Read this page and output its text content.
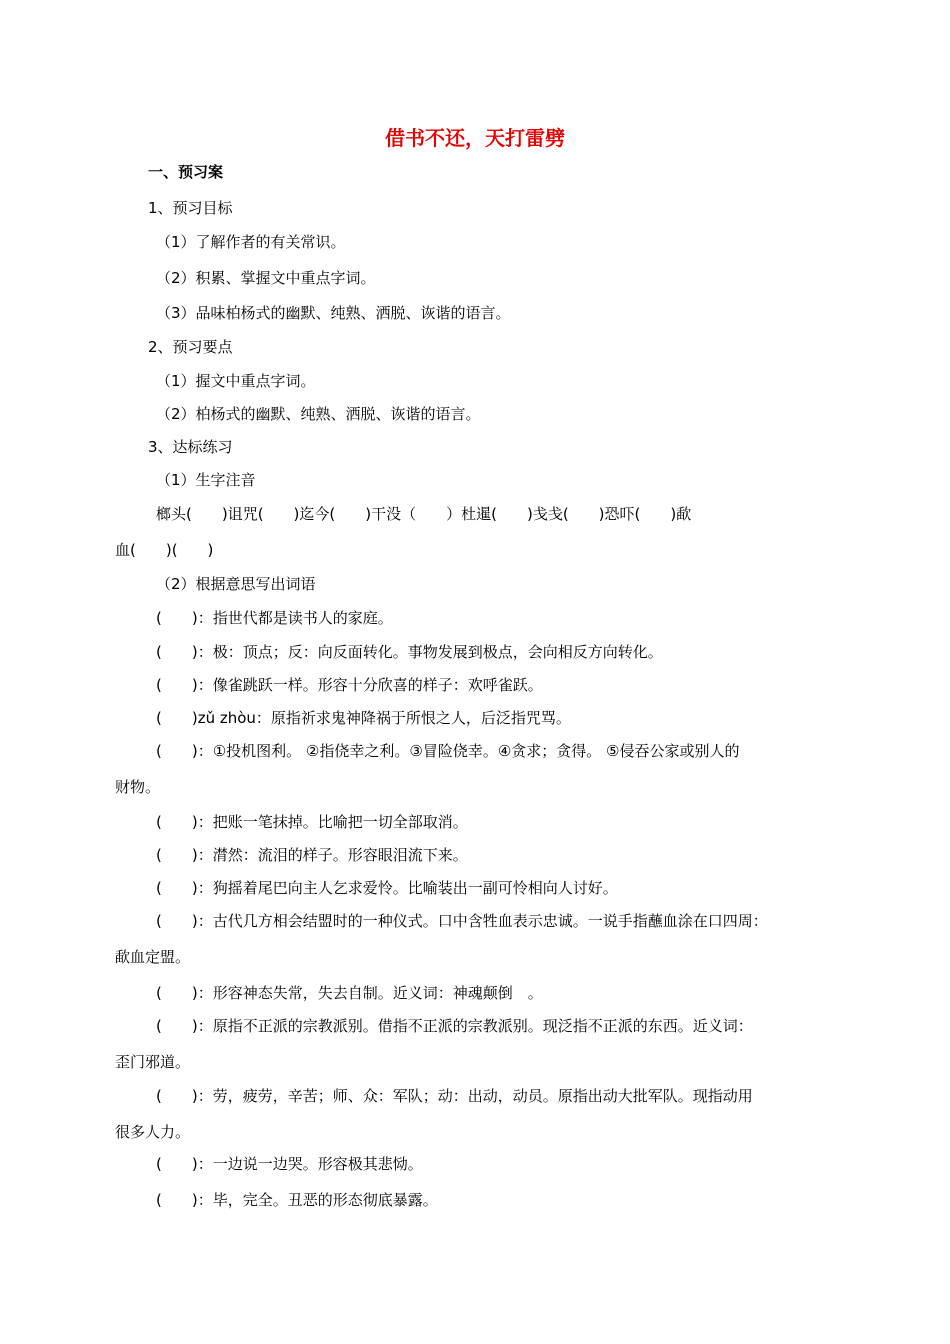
借书不还，天打雷劈
一、预习案
1、预习目标
（1）了解作者的有关常识。
（2）积累、掌握文中重点字词。
（3）品味柏杨式的幽默、纯熟、洒脱、诙谐的语言。
2、预习要点
（1）握文中重点字词。
（2）柏杨式的幽默、纯熟、洒脱、诙谐的语言。
3、达标练习
（1）生字注音
榔头(　　)诅咒(　　)迄今(　　)干没（　　）杜暹(　　)戋戋(　　)恐吓(　　)歃
血(　　)(　　)
（2）根据意思写出词语
(　　)：指世代都是读书人的家庭。
(　　)：极：顶点；反：向反面转化。事物发展到极点，会向相反方向转化。
(　　)：像雀跳跃一样。形容十分欣喜的样子：欢呼雀跃。
(　　)zǔ zhòu：原指祈求鬼神降祸于所恨之人，后泛指咒骂。
(　　)：①投机图利。 ②指侥幸之利。③冒险侥幸。④贪求；贪得。 ⑤侵吞公家或别人的
财物。
(　　)：把账一笔抹掉。比喻把一切全部取消。
(　　)：潸然：流泪的样子。形容眼泪流下来。
(　　)：狗摇着尾巴向主人乞求爱怜。比喻装出一副可怜相向人讨好。
(　　)：古代几方相会结盟时的一种仪式。口中含牲血表示忠诚。一说手指蘸血涂在口四周：
歃血定盟。
(　　)：形容神态失常，失去自制。近义词：神魂颠倒　。
(　　)：原指不正派的宗教派别。借指不正派的宗教派别。现泛指不正派的东西。近义词：
歪门邪道。
(　　)：劳，疲劳，辛苦；师、众：军队；动：出动，动员。原指出动大批军队。现指动用
很多人力。
(　　)：一边说一边哭。形容极其悲恸。
(　　)：毕，完全。丑恶的形态彻底暴露。
